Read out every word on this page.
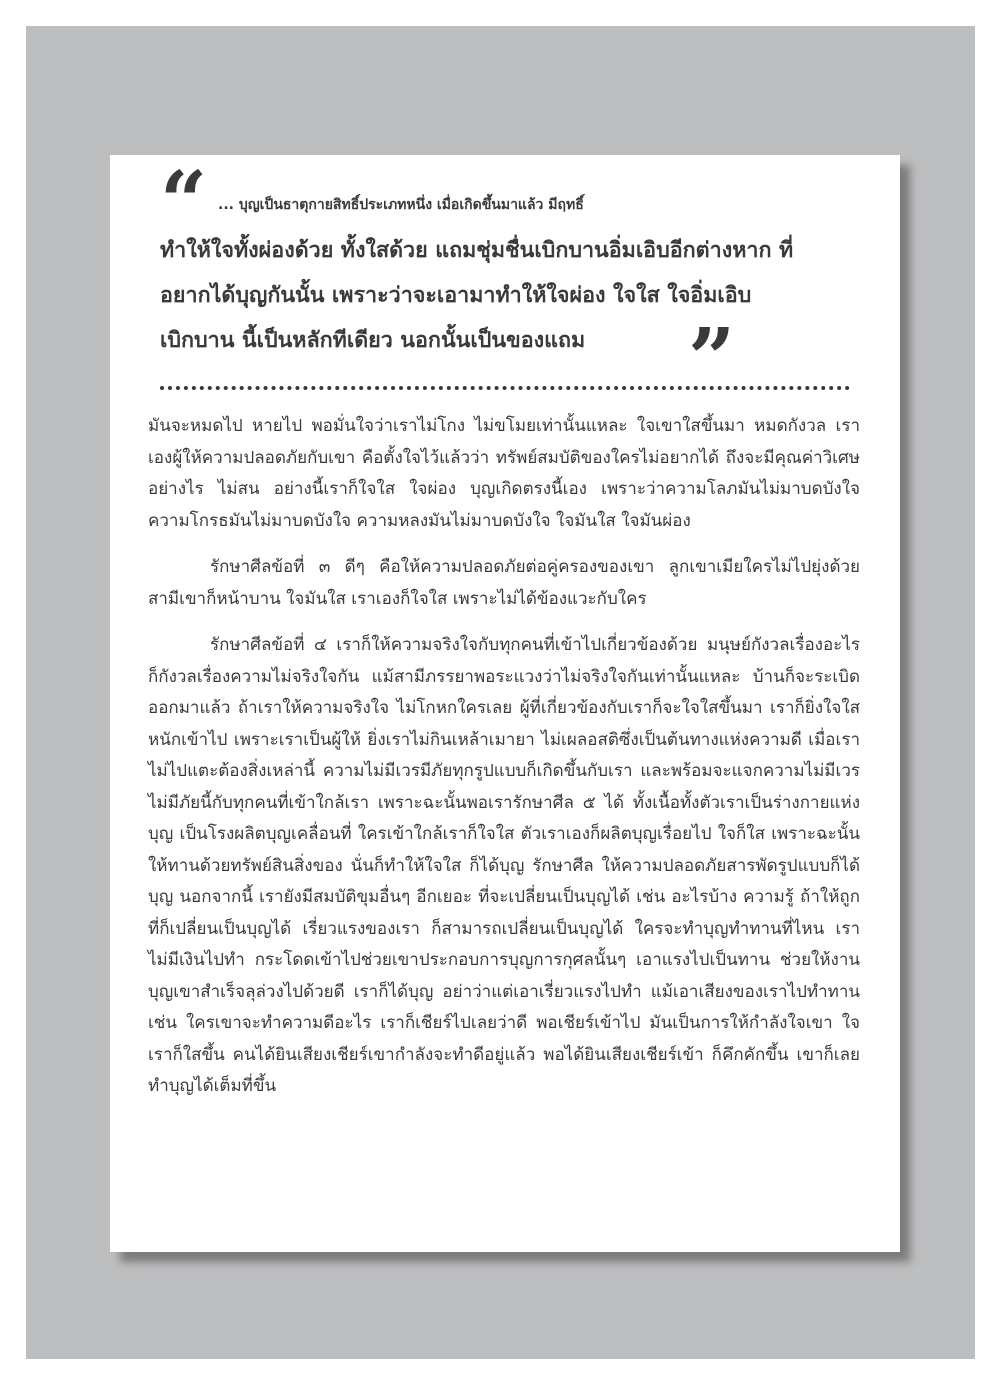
“ ... บุญเป็นธาตุกายสิทธิ์ประเภทหนึ่ง เมื่อเกิดขึ้นมาแล้ว มีฤทธิ์
ทำให้ใจทั้งผ่องด้วย ทั้งใสด้วย แถมชุ่มชื่นเบิกบานอิ่มเอิบอีกต่างหาก ที่
อยากได้บุญกันนั้น เพราะว่าจะเอามาทำให้ใจผ่อง ใจใส ใจอิ่มเอิบ
เบิกบาน นี้เป็นหลักทีเดียว นอกนั้นเป็นของแถม	”

มันจะหมดไป หายไป พอมั่นใจว่าเราไม่โกง ไม่ขโมยเท่านั้นแหละ ใจเขาใสขึ้นมา หมดกังวล เราเองผู้ให้ความปลอดภัยกับเขา คือตั้งใจไว้แล้วว่า ทรัพย์สมบัติของใครไม่อยากได้ ถึงจะมีคุณค่าวิเศษอย่างไร ไม่สน อย่างนี้เราก็ใจใส ใจผ่อง บุญเกิดตรงนี้เอง เพราะว่าความโลภมันไม่มาบดบังใจ ความโกรธมันไม่มาบดบังใจ ความหลงมันไม่มาบดบังใจ ใจมันใส ใจมันผ่อง

รักษาศีลข้อที่ ๓ ดีๆ คือให้ความปลอดภัยต่อคู่ครองของเขา ลูกเขาเมียใครไม่ไปยุ่งด้วย สามีเขาก็หน้าบาน ใจมันใส เราเองก็ใจใส เพราะไม่ได้ข้องแวะกับใคร

รักษาศีลข้อที่ ๔ เราก็ให้ความจริงใจกับทุกคนที่เข้าไปเกี่ยวข้องด้วย มนุษย์กังวลเรื่องอะไร ก็กังวลเรื่องความไม่จริงใจกัน แม้สามีภรรยาพอระแวงว่าไม่จริงใจกันเท่านั้นแหละ บ้านก็จะระเบิดออกมาแล้ว ถ้าเราให้ความจริงใจ ไม่โกหกใครเลย ผู้ที่เกี่ยวข้องกับเราก็จะใจใสขึ้นมา เราก็ยิ่งใจใสหนักเข้าไป เพราะเราเป็นผู้ให้ ยิ่งเราไม่กินเหล้าเมายา ไม่เผลอสติซึ่งเป็นต้นทางแห่งความดี เมื่อเราไม่ไปแตะต้องสิ่งเหล่านี้ ความไม่มีเวรมีภัยทุกรูปแบบก็เกิดขึ้นกับเรา และพร้อมจะแจกความไม่มีเวรไม่มีภัยนี้กับทุกคนที่เข้าใกล้เรา เพราะฉะนั้นพอเรารักษาศีล ๕ ได้ ทั้งเนื้อทั้งตัวเราเป็นร่างกายแห่งบุญ เป็นโรงผลิตบุญเคลื่อนที่ ใครเข้าใกล้เราก็ใจใส ตัวเราเองก็ผลิตบุญเรื่อยไป ใจก็ใส เพราะฉะนั้น ให้ทานด้วยทรัพย์สินสิ่งของ นั่นก็ทำให้ใจใส ก็ได้บุญ รักษาศีล ให้ความปลอดภัยสารพัดรูปแบบก็ได้บุญ นอกจากนี้ เรายังมีสมบัติขุมอื่นๆ อีกเยอะ ที่จะเปลี่ยนเป็นบุญได้ เช่น อะไรบ้าง ความรู้ ถ้าให้ถูกที่ก็เปลี่ยนเป็นบุญได้ เรี่ยวแรงของเรา ก็สามารถเปลี่ยนเป็นบุญได้ ใครจะทำบุญทำทานที่ไหน เราไม่มีเงินไปทำ กระโดดเข้าไปช่วยเขาประกอบการบุญการกุศลนั้นๆ เอาแรงไปเป็นทาน ช่วยให้งานบุญเขาสำเร็จลุล่วงไปด้วยดี เราก็ได้บุญ อย่าว่าแต่เอาเรี่ยวแรงไปทำ แม้เอาเสียงของเราไปทำทาน เช่น ใครเขาจะทำความดีอะไร เราก็เชียร์ไปเลยว่าดี พอเชียร์เข้าไป มันเป็นการให้กำลังใจเขา ใจเราก็ใสขึ้น คนได้ยินเสียงเชียร์เขากำลังจะทำดีอยู่แล้ว พอได้ยินเสียงเชียร์เข้า ก็คึกคักขึ้น เขาก็เลยทำบุญได้เต็มที่ขึ้น
